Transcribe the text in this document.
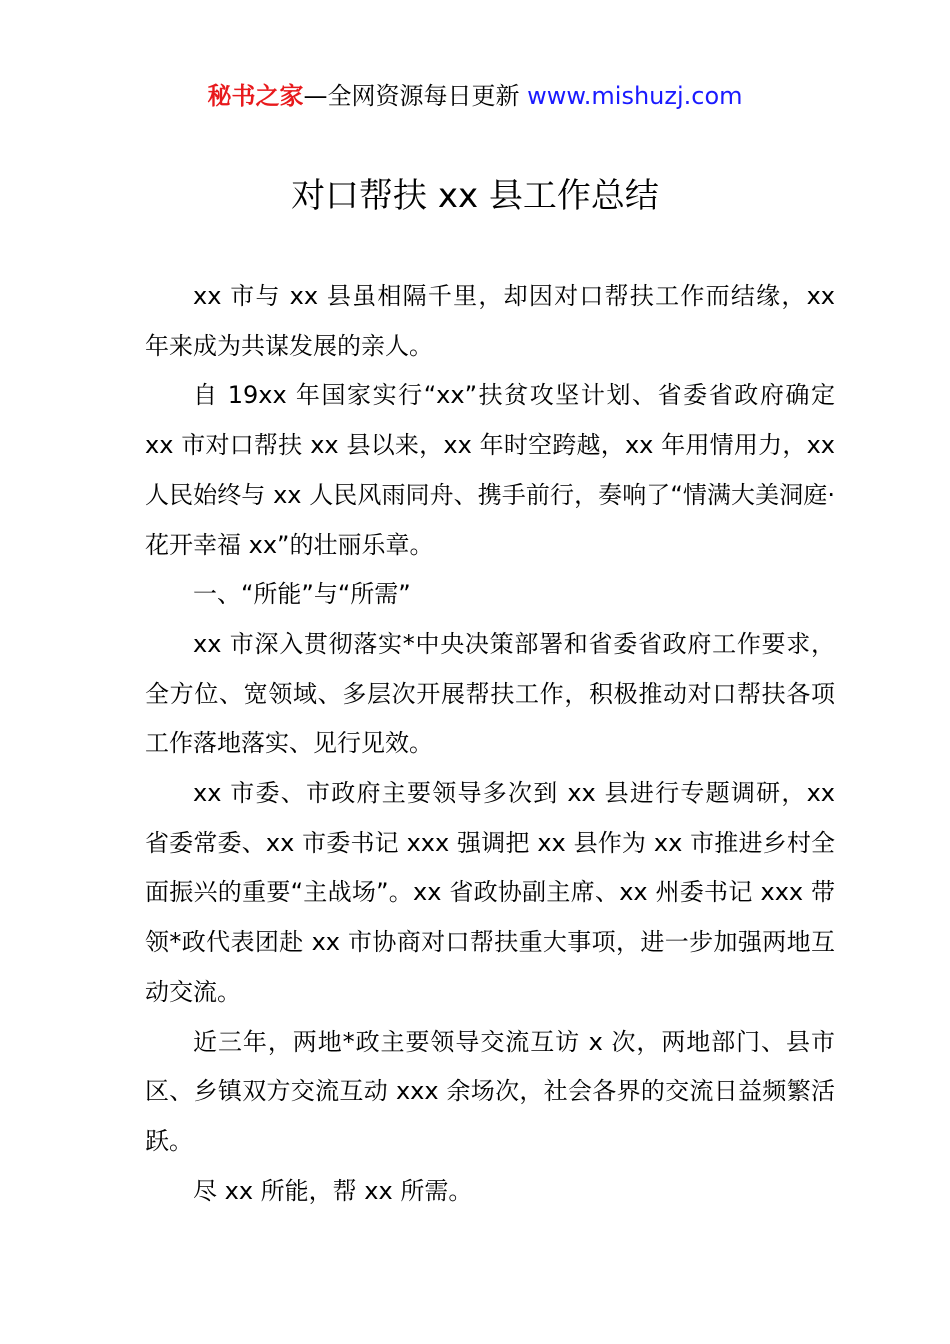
秘书之家—全网资源每日更新 www.mishuzj.com
对口帮扶 xx 县工作总结

xx 市与 xx 县虽相隔千里，却因对口帮扶工作而结缘，xx 年来成为共谋发展的亲人。

自 19xx 年国家实行“xx”扶贫攻坚计划、省委省政府确定 xx 市对口帮扶 xx 县以来，xx 年时空跨越，xx 年用情用力，xx 人民始终与 xx 人民风雨同舟、携手前行，奏响了“情满大美洞庭·花开幸福 xx”的壮丽乐章。

一、“所能”与“所需”

xx 市深入贯彻落实*中央决策部署和省委省政府工作要求，全方位、宽领域、多层次开展帮扶工作，积极推动对口帮扶各项工作落地落实、见行见效。

xx 市委、市政府主要领导多次到 xx 县进行专题调研，xx 省委常委、xx 市委书记 xxx 强调把 xx 县作为 xx 市推进乡村全面振兴的重要“主战场”。xx 省政协副主席、xx 州委书记 xxx 带领*政代表团赴 xx 市协商对口帮扶重大事项，进一步加强两地互动交流。

近三年，两地*政主要领导交流互访 x 次，两地部门、县市区、乡镇双方交流互动 xxx 余场次，社会各界的交流日益频繁活跃。

尽 xx 所能，帮 xx 所需。
